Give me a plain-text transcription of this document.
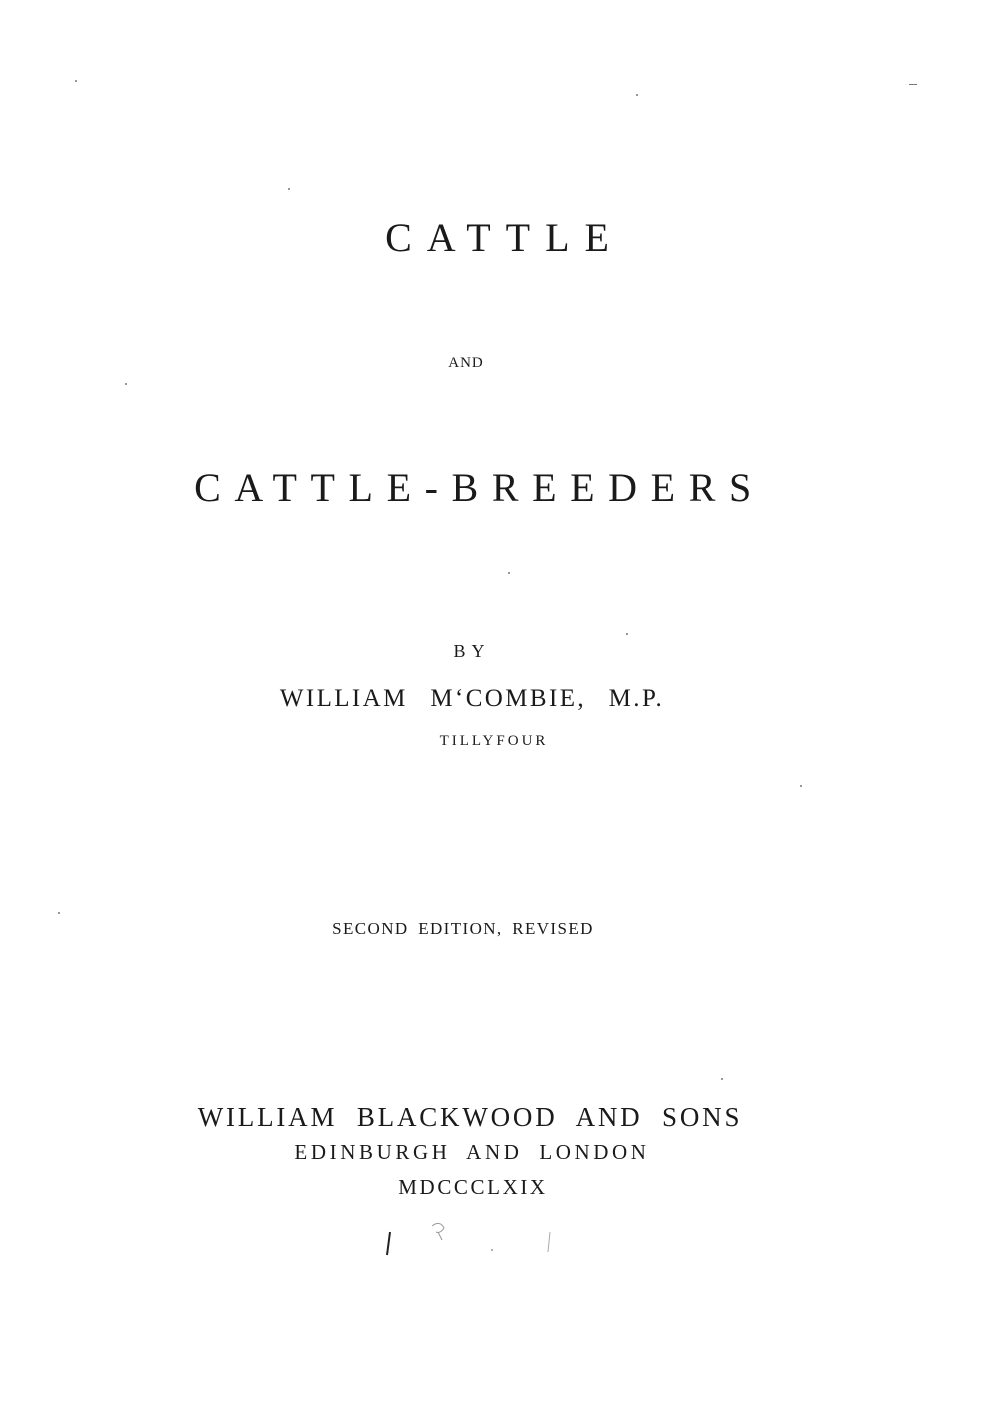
CATTLE
AND
CATTLE-BREEDERS
BY
WILLIAM M‘COMBIE, M.P.
TILLYFOUR
SECOND EDITION, REVISED
WILLIAM BLACKWOOD AND SONS
EDINBURGH AND LONDON
MDCCCLXIX
